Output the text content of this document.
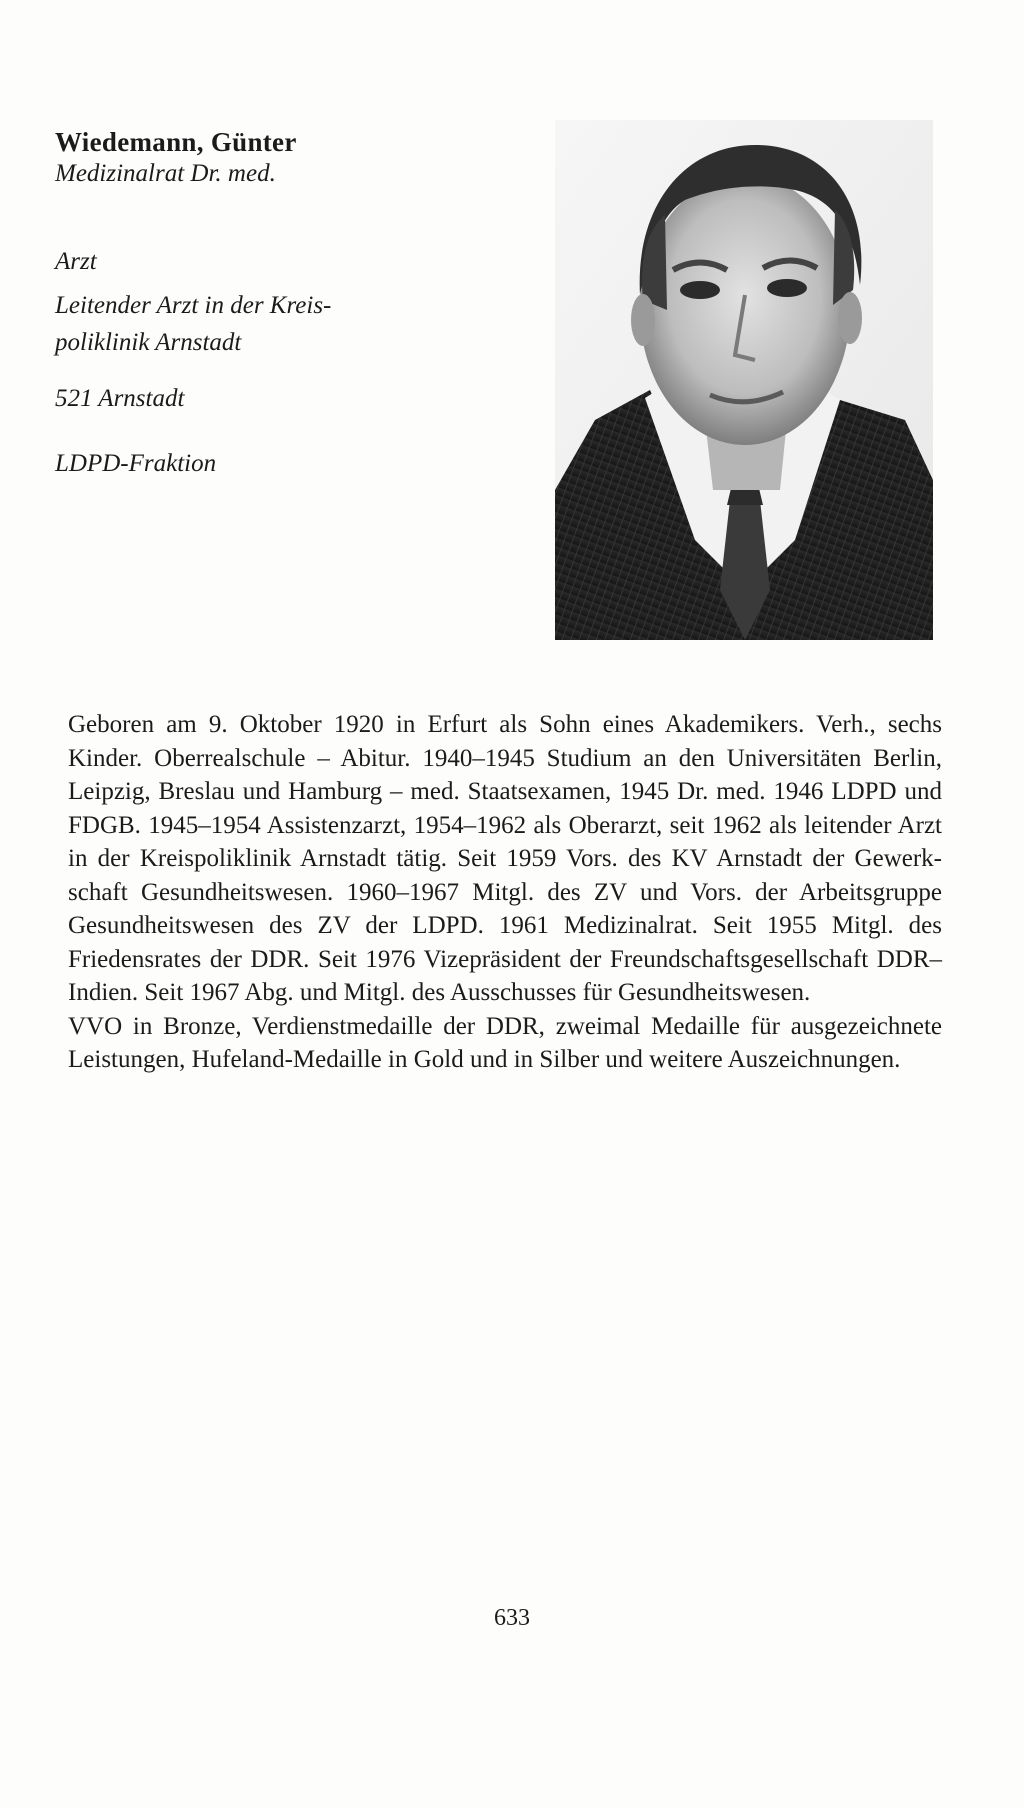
Wiedemann, Günter
Medizinalrat Dr. med.
Arzt
Leitender Arzt in der Kreis-
poliklinik Arnstadt
521 Arnstadt
LDPD-Fraktion

Geboren am 9. Oktober 1920 in Erfurt als Sohn eines Akademikers. Verh., sechs Kinder. Oberrealschule – Abitur. 1940–1945 Studium an den Universitäten Berlin, Leipzig, Breslau und Hamburg – med. Staatsexamen, 1945 Dr. med. 1946 LDPD und FDGB. 1945–1954 Assistenzarzt, 1954–1962 als Oberarzt, seit 1962 als leitender Arzt in der Kreispoliklinik Arnstadt tätig. Seit 1959 Vors. des KV Arnstadt der Gewerkschaft Gesundheitswesen. 1960–1967 Mitgl. des ZV und Vors. der Arbeitsgruppe Gesundheitswesen des ZV der LDPD. 1961 Medizinalrat. Seit 1955 Mitgl. des Friedensrates der DDR. Seit 1976 Vizepräsident der Freundschaftsgesellschaft DDR–Indien. Seit 1967 Abg. und Mitgl. des Ausschusses für Gesundheitswesen.

VVO in Bronze, Verdienstmedaille der DDR, zweimal Medaille für ausgezeichnete Leistungen, Hufeland-Medaille in Gold und in Silber und weitere Auszeichnungen.

633
